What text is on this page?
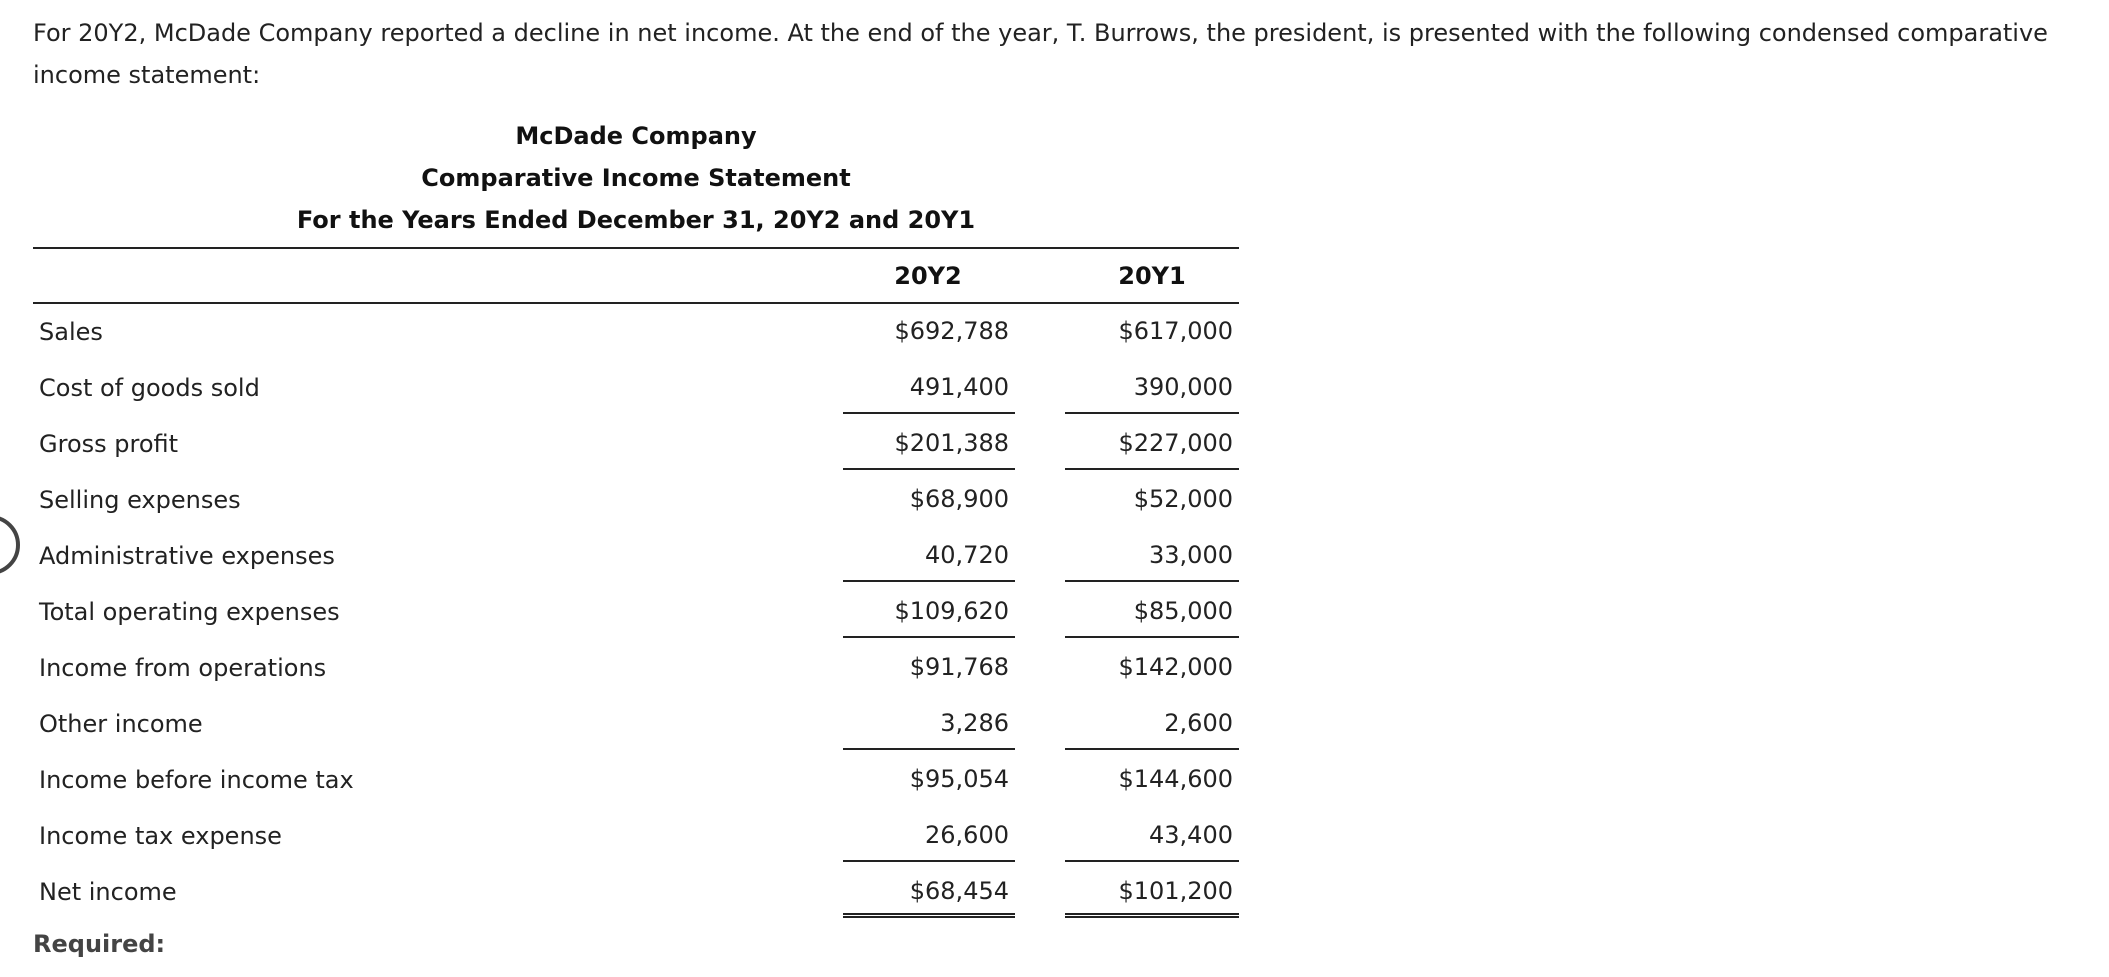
For 20Y2, McDade Company reported a decline in net income. At the end of the year, T. Burrows, the president, is presented with the following condensed comparative income statement:
McDade Company
Comparative Income Statement
For the Years Ended December 31, 20Y2 and 20Y1
20Y2	20Y1
Sales	$692,788	$617,000
Cost of goods sold	491,400	390,000
Gross profit	$201,388	$227,000
Selling expenses	$68,900	$52,000
Administrative expenses	40,720	33,000
Total operating expenses	$109,620	$85,000
Income from operations	$91,768	$142,000
Other income	3,286	2,600
Income before income tax	$95,054	$144,600
Income tax expense	26,600	43,400
Net income	$68,454	$101,200
Required:
